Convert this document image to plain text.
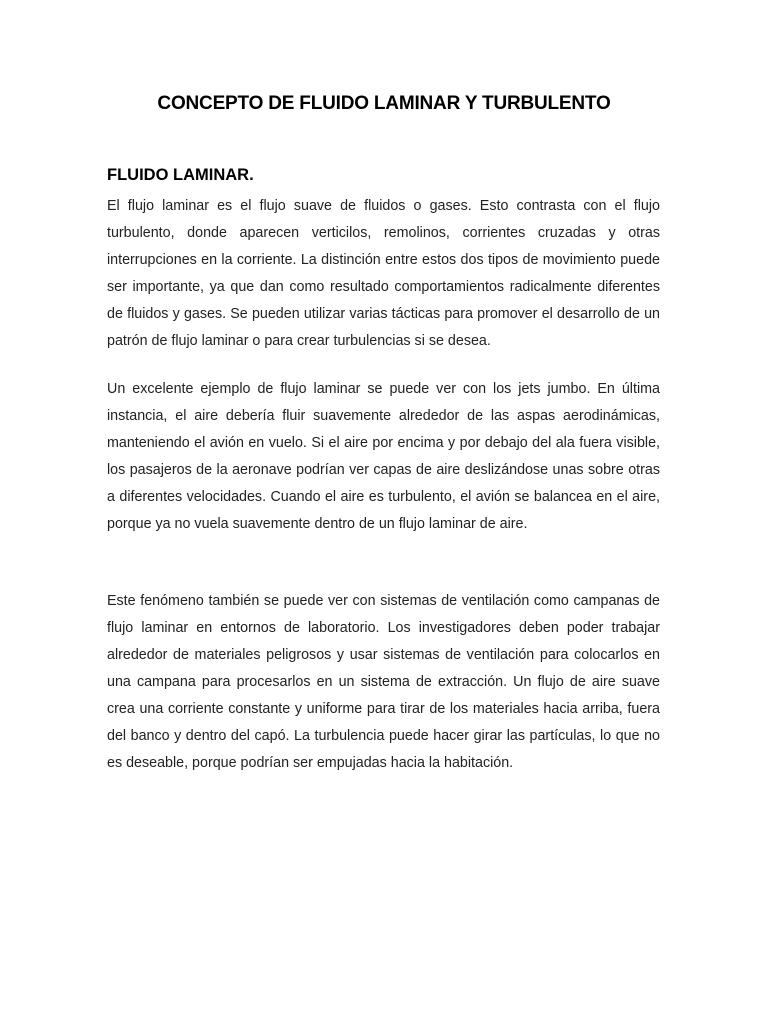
CONCEPTO DE FLUIDO LAMINAR Y TURBULENTO
FLUIDO LAMINAR.

El flujo laminar es el flujo suave de fluidos o gases. Esto contrasta con el flujo turbulento, donde aparecen verticilos, remolinos, corrientes cruzadas y otras interrupciones en la corriente. La distinción entre estos dos tipos de movimiento puede ser importante, ya que dan como resultado comportamientos radicalmente diferentes de fluidos y gases. Se pueden utilizar varias tácticas para promover el desarrollo de un patrón de flujo laminar o para crear turbulencias si se desea.

Un excelente ejemplo de flujo laminar se puede ver con los jets jumbo. En última instancia, el aire debería fluir suavemente alrededor de las aspas aerodinámicas, manteniendo el avión en vuelo. Si el aire por encima y por debajo del ala fuera visible, los pasajeros de la aeronave podrían ver capas de aire deslizándose unas sobre otras a diferentes velocidades. Cuando el aire es turbulento, el avión se balancea en el aire, porque ya no vuela suavemente dentro de un flujo laminar de aire.

Este fenómeno también se puede ver con sistemas de ventilación como campanas de flujo laminar en entornos de laboratorio. Los investigadores deben poder trabajar alrededor de materiales peligrosos y usar sistemas de ventilación para colocarlos en una campana para procesarlos en un sistema de extracción. Un flujo de aire suave crea una corriente constante y uniforme para tirar de los materiales hacia arriba, fuera del banco y dentro del capó. La turbulencia puede hacer girar las partículas, lo que no es deseable, porque podrían ser empujadas hacia la habitación.
